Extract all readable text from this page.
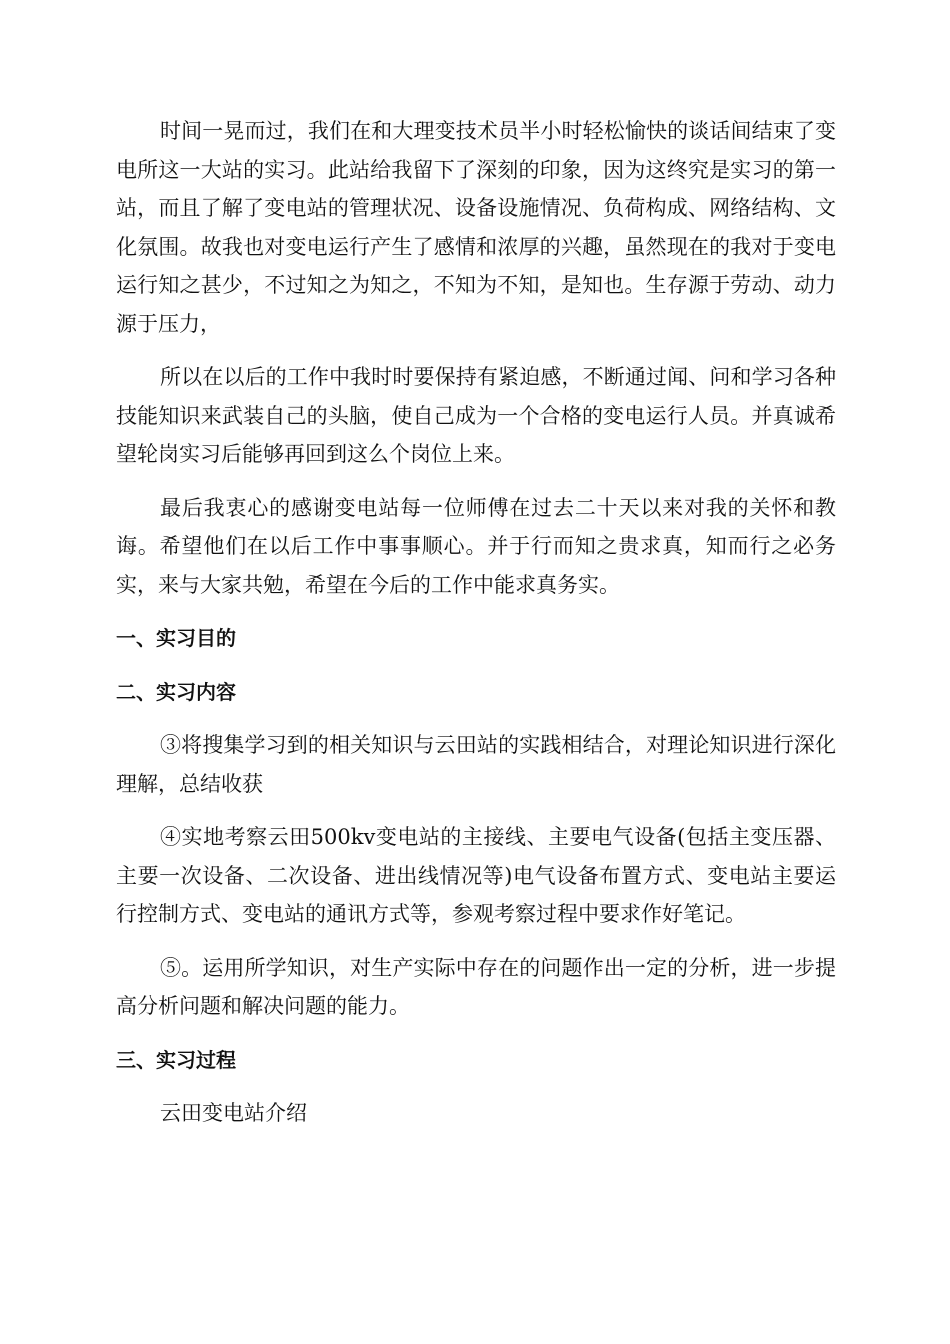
时间一晃而过，我们在和大理变技术员半小时轻松愉快的谈话间结束了变电所这一大站的实习。此站给我留下了深刻的印象，因为这终究是实习的第一站，而且了解了变电站的管理状况、设备设施情况、负荷构成、网络结构、文化氛围。故我也对变电运行产生了感情和浓厚的兴趣，虽然现在的我对于变电运行知之甚少，不过知之为知之，不知为不知，是知也。生存源于劳动、动力源于压力，

所以在以后的工作中我时时要保持有紧迫感，不断通过闻、问和学习各种技能知识来武装自己的头脑，使自己成为一个合格的变电运行人员。并真诚希望轮岗实习后能够再回到这么个岗位上来。

最后我衷心的感谢变电站每一位师傅在过去二十天以来对我的关怀和教诲。希望他们在以后工作中事事顺心。并于行而知之贵求真，知而行之必务实，来与大家共勉，希望在今后的工作中能求真务实。

一、实习目的
二、实习内容

③将搜集学习到的相关知识与云田站的实践相结合，对理论知识进行深化理解，总结收获

④实地考察云田500kv变电站的主接线、主要电气设备(包括主变压器、主要一次设备、二次设备、进出线情况等)电气设备布置方式、变电站主要运行控制方式、变电站的通讯方式等，参观考察过程中要求作好笔记。

⑤。运用所学知识，对生产实际中存在的问题作出一定的分析，进一步提高分析问题和解决问题的能力。

三、实习过程

云田变电站介绍
